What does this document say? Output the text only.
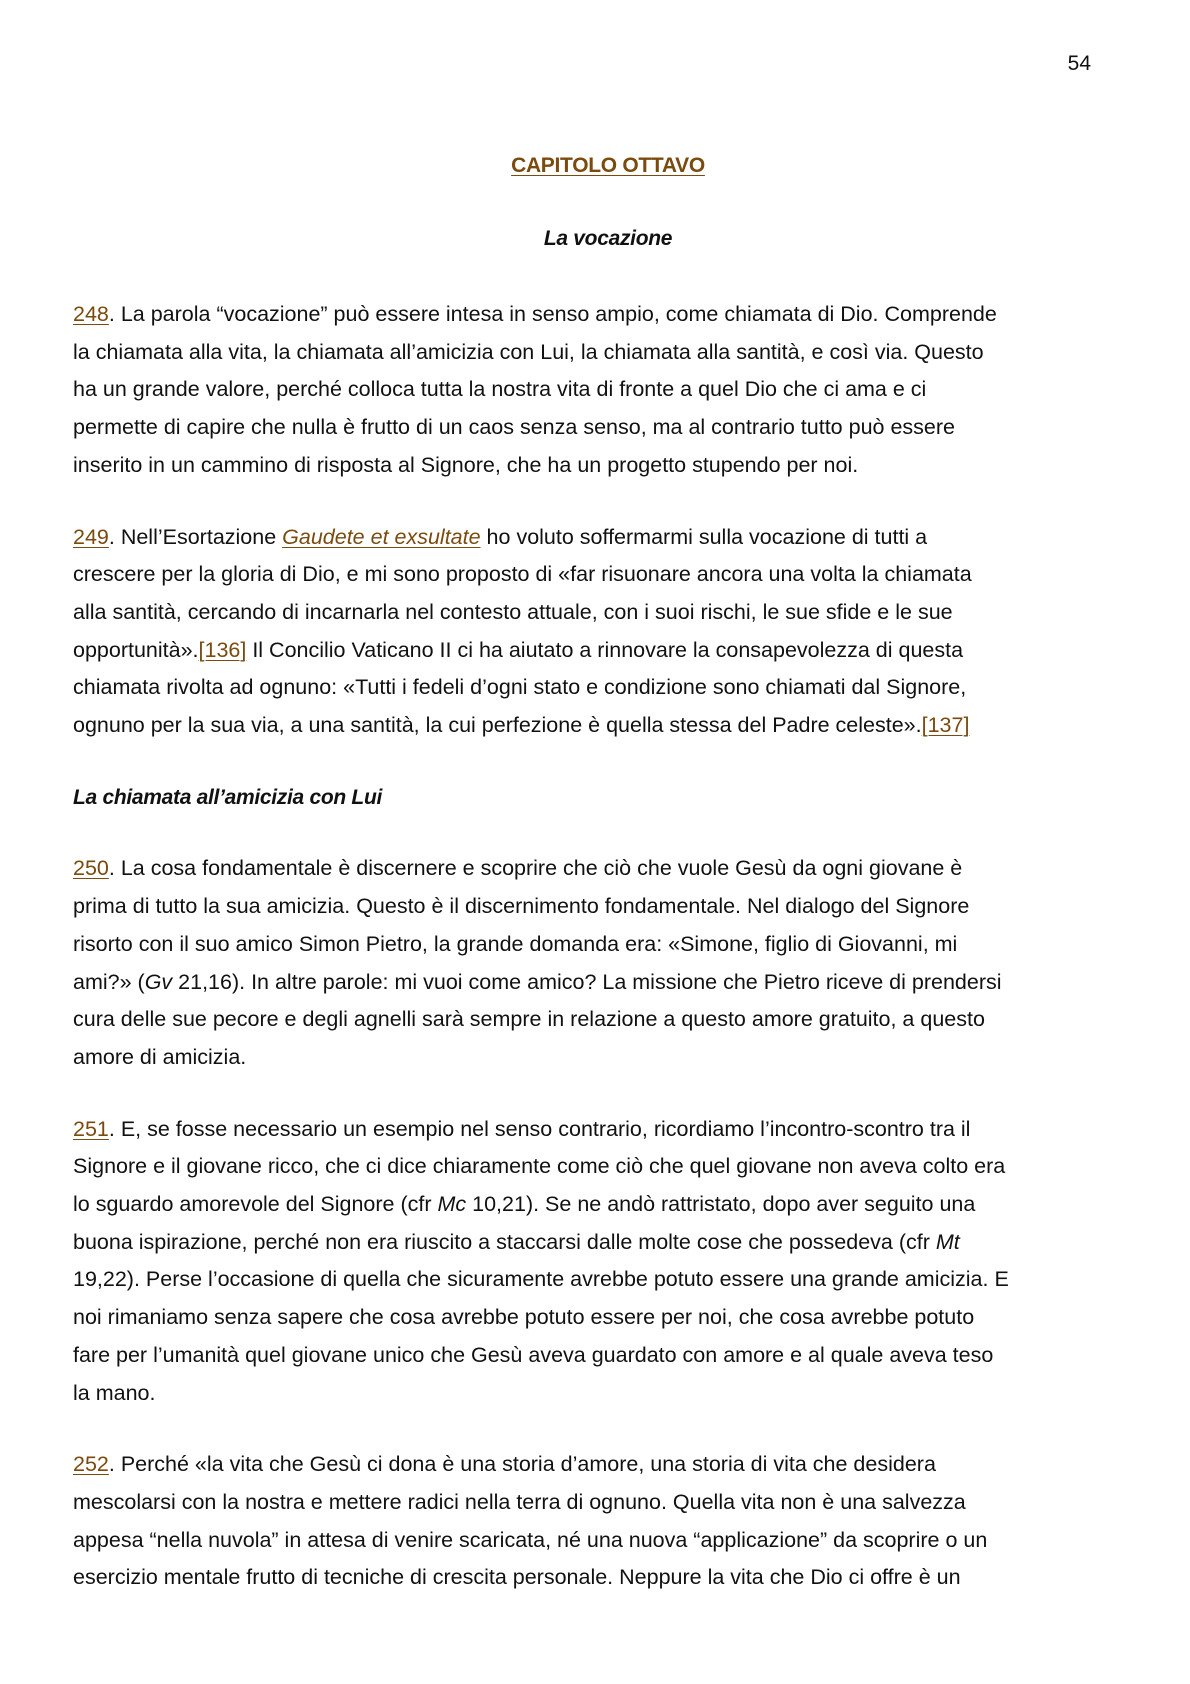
54
CAPITOLO OTTAVO
La vocazione

248. La parola “vocazione” può essere intesa in senso ampio, come chiamata di Dio. Comprende

la chiamata alla vita, la chiamata all’amicizia con Lui, la chiamata alla santità, e così via. Questo

ha un grande valore, perché colloca tutta la nostra vita di fronte a quel Dio che ci ama e ci

permette di capire che nulla è frutto di un caos senza senso, ma al contrario tutto può essere

inserito in un cammino di risposta al Signore, che ha un progetto stupendo per noi.

249. Nell’Esortazione Gaudete et exsultate ho voluto soffermarmi sulla vocazione di tutti a

crescere per la gloria di Dio, e mi sono proposto di «far risuonare ancora una volta la chiamata

alla santità, cercando di incarnarla nel contesto attuale, con i suoi rischi, le sue sfide e le sue

opportunità».[136] Il Concilio Vaticano II ci ha aiutato a rinnovare la consapevolezza di questa

chiamata rivolta ad ognuno: «Tutti i fedeli d’ogni stato e condizione sono chiamati dal Signore,

ognuno per la sua via, a una santità, la cui perfezione è quella stessa del Padre celeste».[137]

La chiamata all’amicizia con Lui

250. La cosa fondamentale è discernere e scoprire che ciò che vuole Gesù da ogni giovane è

prima di tutto la sua amicizia. Questo è il discernimento fondamentale. Nel dialogo del Signore

risorto con il suo amico Simon Pietro, la grande domanda era: «Simone, figlio di Giovanni, mi

ami?» (Gv 21,16). In altre parole: mi vuoi come amico? La missione che Pietro riceve di prendersi

cura delle sue pecore e degli agnelli sarà sempre in relazione a questo amore gratuito, a questo

amore di amicizia.

251. E, se fosse necessario un esempio nel senso contrario, ricordiamo l’incontro-scontro tra il

Signore e il giovane ricco, che ci dice chiaramente come ciò che quel giovane non aveva colto era

lo sguardo amorevole del Signore (cfr Mc 10,21). Se ne andò rattristato, dopo aver seguito una

buona ispirazione, perché non era riuscito a staccarsi dalle molte cose che possedeva (cfr Mt

19,22). Perse l’occasione di quella che sicuramente avrebbe potuto essere una grande amicizia. E

noi rimaniamo senza sapere che cosa avrebbe potuto essere per noi, che cosa avrebbe potuto

fare per l’umanità quel giovane unico che Gesù aveva guardato con amore e al quale aveva teso

la mano.

252. Perché «la vita che Gesù ci dona è una storia d’amore, una storia di vita che desidera

mescolarsi con la nostra e mettere radici nella terra di ognuno. Quella vita non è una salvezza

appesa “nella nuvola” in attesa di venire scaricata, né una nuova “applicazione” da scoprire o un

esercizio mentale frutto di tecniche di crescita personale. Neppure la vita che Dio ci offre è un
